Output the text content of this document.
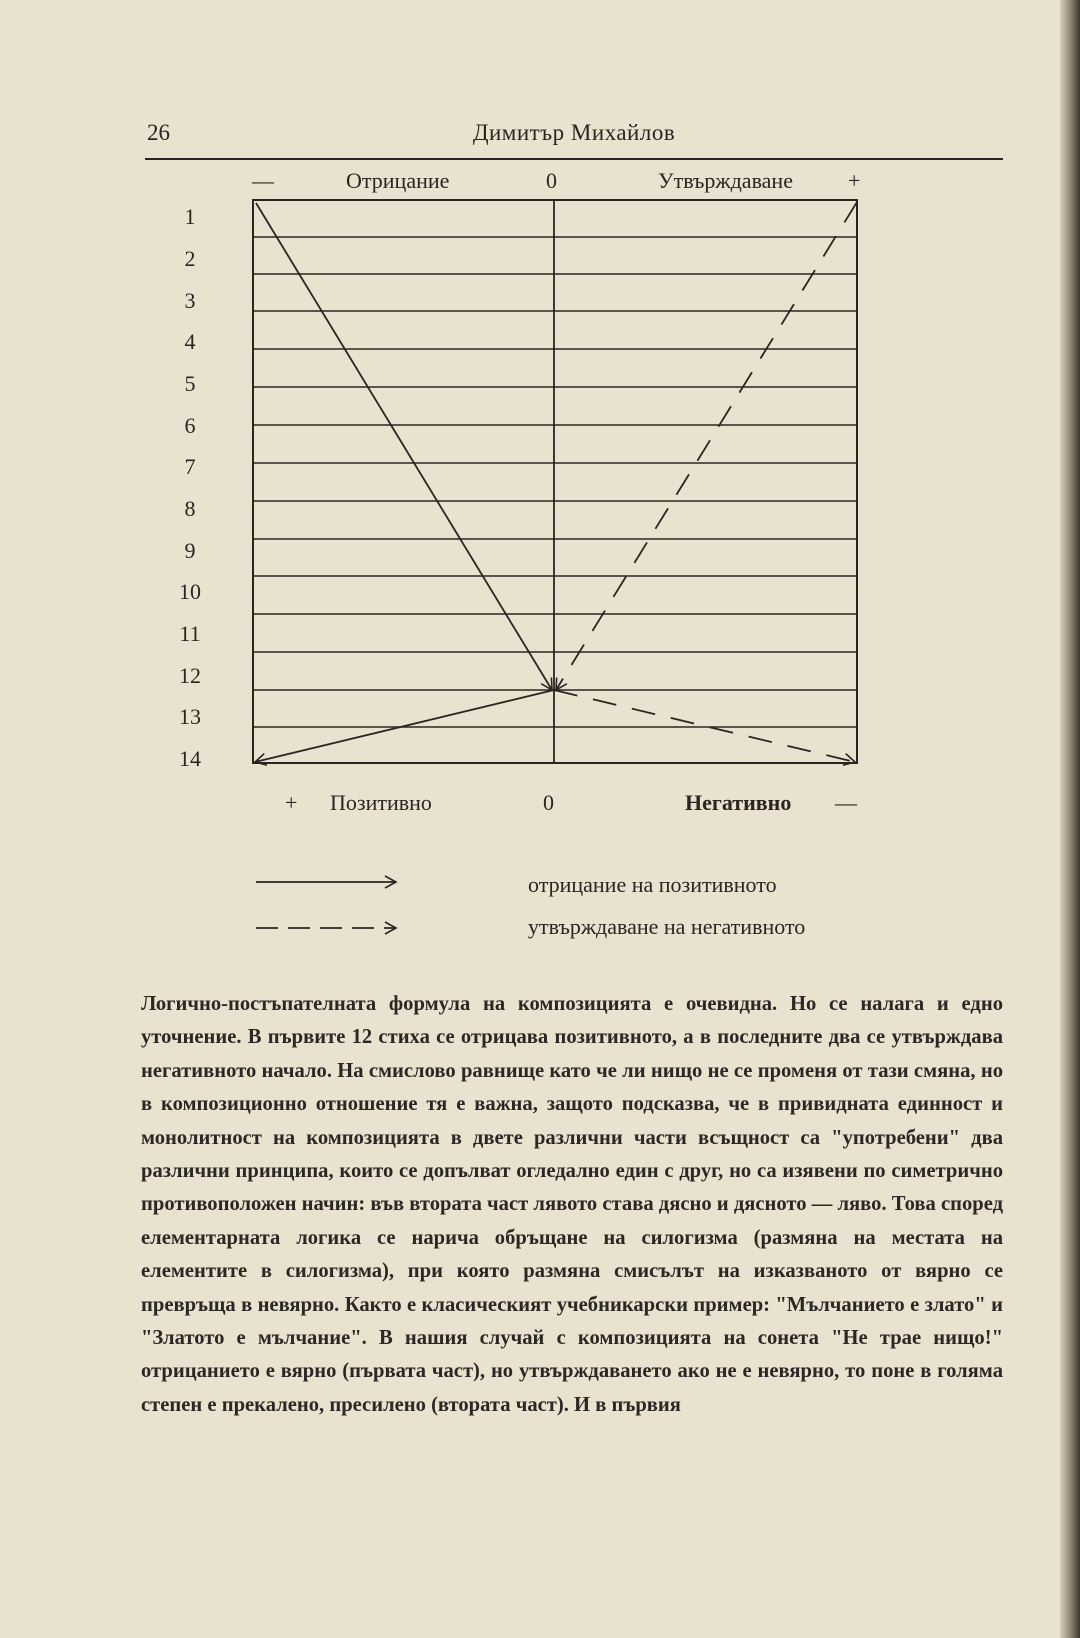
26	Димитър Михайлов
—	Отрицание	0	Утвърждаване	+
1
2
3
4
5
6
7
8
9
10
11
12
13
14
+ Позитивно	0	Негативно —
отрицание на позитивното
утвърждаване на негативното

Логично-постъпателната формула на композицията е очевидна. Но се налага и едно уточнение. В първите 12 стиха се отрицава позитивното, а в последните два се утвърждава негативното начало. На смислово равнище като че ли нищо не се променя от тази смяна, но в композиционно отношение тя е важна, защото подсказва, че в привидната единност и монолитност на композицията в двете различни части всъщност са "употребени" два различни принципа, които се допълват огледално един с друг, но са изявени по симетрично противоположен начин: във втората част лявото става дясно и дясното — ляво. Това според елементарната логика се нарича обръщане на силогизма (размяна на местата на елементите в силогизма), при която размяна смисълът на изказваното от вярно се превръща в невярно. Както е класическият учебникарски пример: "Мълчанието е злато" и "Златото е мълчание". В нашия случай с композицията на сонета "Не трае нищо!" отрицанието е вярно (първата част), но утвърждаването ако не е невярно, то поне в голяма степен е прекалено, пресилено (втората част). И в първия
